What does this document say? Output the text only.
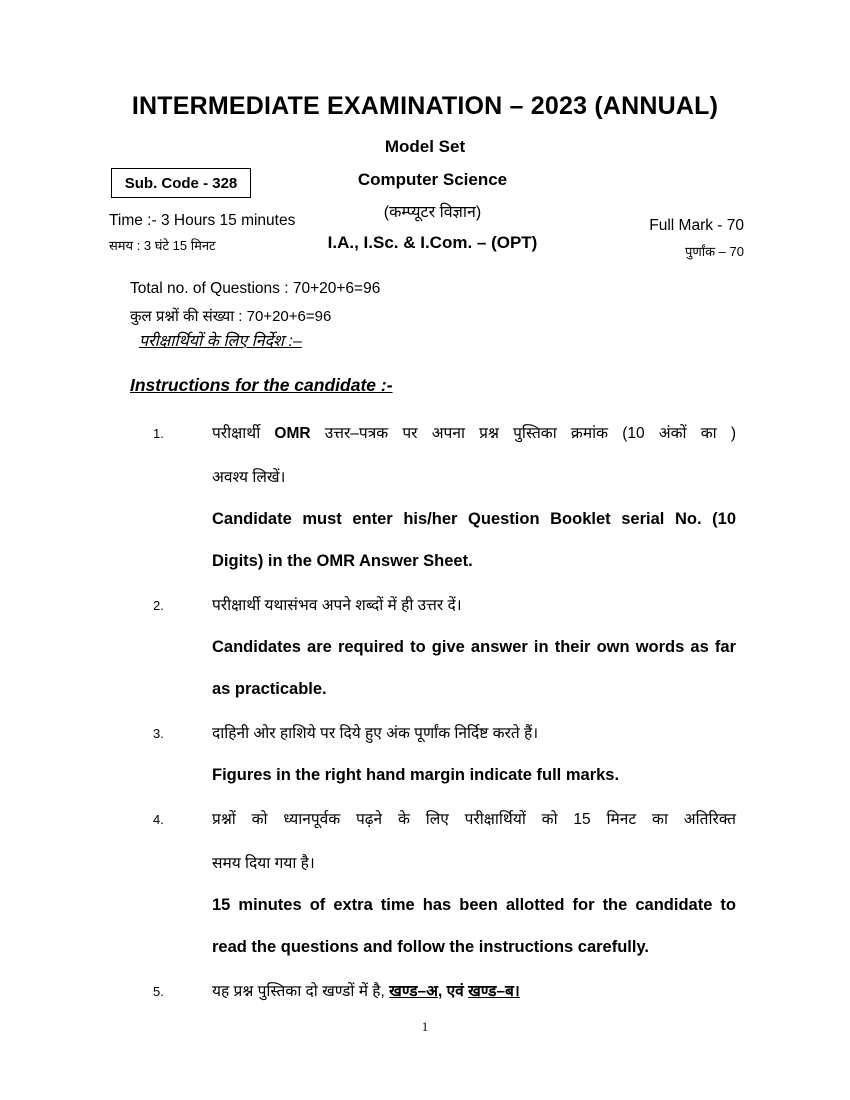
INTERMEDIATE EXAMINATION – 2023 (ANNUAL)
Model Set
Sub. Code - 328	Computer Science
(कम्प्यूटर विज्ञान)
I.A., I.Sc. & I.Com. – (OPT)
Time :- 3 Hours 15 minutes
समय : 3 घंटे 15 मिनट
Full Mark - 70
पुर्णांक – 70
Total no. of Questions : 70+20+6=96
कुल प्रश्नों की संख्या : 70+20+6=96
परीक्षार्थियों के लिए निर्देश :–
Instructions for the candidate :-
1.	परीक्षार्थी OMR उत्तर–पत्रक पर अपना प्रश्न पुस्तिका क्रमांक (10 अंकों का )
अवश्य लिखें।
Candidate must enter his/her Question Booklet serial No. (10
Digits) in the OMR Answer Sheet.
2.	परीक्षार्थी यथासंभव अपने शब्दों में ही उत्तर दें।
Candidates are required to give answer in their own words as far
as practicable.
3.	दाहिनी ओर हाशिये पर दिये हुए अंक पूर्णांक निर्दिष्ट करते हैं।
Figures in the right hand margin indicate full marks.
4.	प्रश्नों को ध्यानपूर्वक पढ़ने के लिए परीक्षार्थियों को 15 मिनट का अतिरिक्त
समय दिया गया है।
15 minutes of extra time has been allotted for the candidate to
read the questions and follow the instructions carefully.
5.	यह प्रश्न पुस्तिका दो खण्डों में है, खण्ड–अ, एवं खण्ड–ब।
1
